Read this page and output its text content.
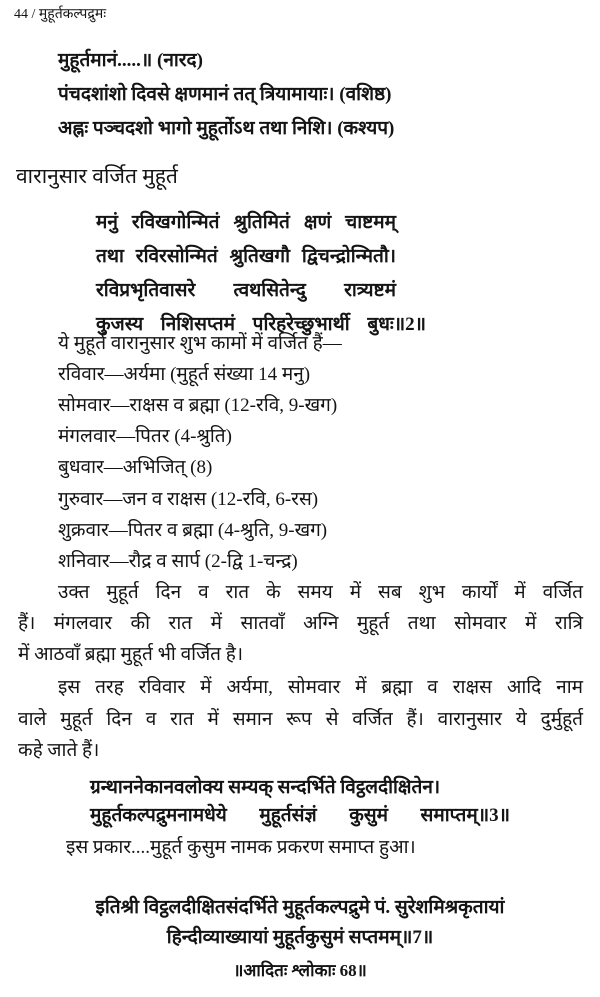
44 / मुहूर्तकल्पद्रुमः
मुहूर्तमानं.....॥ (नारद)
पंचदशांशो दिवसे क्षणमानं तत् त्रियामायाः। (वशिष्ठ)
अह्नः पञ्चदशो भागो मुहूर्तोऽथ तथा निशि। (कश्यप)
वारानुसार वर्जित मुहूर्त
मनुं रविखगोन्मितं श्रुतिमितं क्षणं चाष्टमम्
तथा रविरसोन्मितं श्रुतिखगौ द्विचन्द्रोन्मितौ।
रविप्रभृतिवासरे त्वथसितेन्दु रात्र्यष्टमं
कुजस्य निशिसप्तमं परिहरेच्छुभार्थी बुधः॥2॥
ये मुहूर्त वारानुसार शुभ कामों में वर्जित हैं—
रविवार—अर्यमा (मुहूर्त संख्या 14 मनु)
सोमवार—राक्षस व ब्रह्मा (12-रवि, 9-खग)
मंगलवार—पितर (4-श्रुति)
बुधवार—अभिजित् (8)
गुरुवार—जन व राक्षस (12-रवि, 6-रस)
शुक्रवार—पितर व ब्रह्मा (4-श्रुति, 9-खग)
शनिवार—रौद्र व सार्प (2-द्वि 1-चन्द्र)
उक्त मुहूर्त दिन व रात के समय में सब शुभ कार्यों में वर्जित
हैं। मंगलवार की रात में सातवाँ अग्नि मुहूर्त तथा सोमवार में रात्रि
में आठवाँ ब्रह्मा मुहूर्त भी वर्जित है।
इस तरह रविवार में अर्यमा, सोमवार में ब्रह्मा व राक्षस आदि नाम
वाले मुहूर्त दिन व रात में समान रूप से वर्जित हैं। वारानुसार ये दुर्मुहूर्त
कहे जाते हैं।
ग्रन्थाननेकानवलोक्य सम्यक् सन्दर्भिते विट्ठलदीक्षितेन।
मुहूर्तकल्पद्रुमनामधेये मुहूर्तसंज्ञं कुसुमं समाप्तम्॥3॥
इस प्रकार....मुहूर्त कुसुम नामक प्रकरण समाप्त हुआ।
इतिश्री विट्ठलदीक्षितसंदर्भिते मुहूर्तकल्पद्रुमे पं. सुरेशमिश्रकृतायां
हिन्दीव्याख्यायां मुहूर्तकुसुमं सप्तमम्॥7॥
॥आदितः श्लोकाः 68॥
